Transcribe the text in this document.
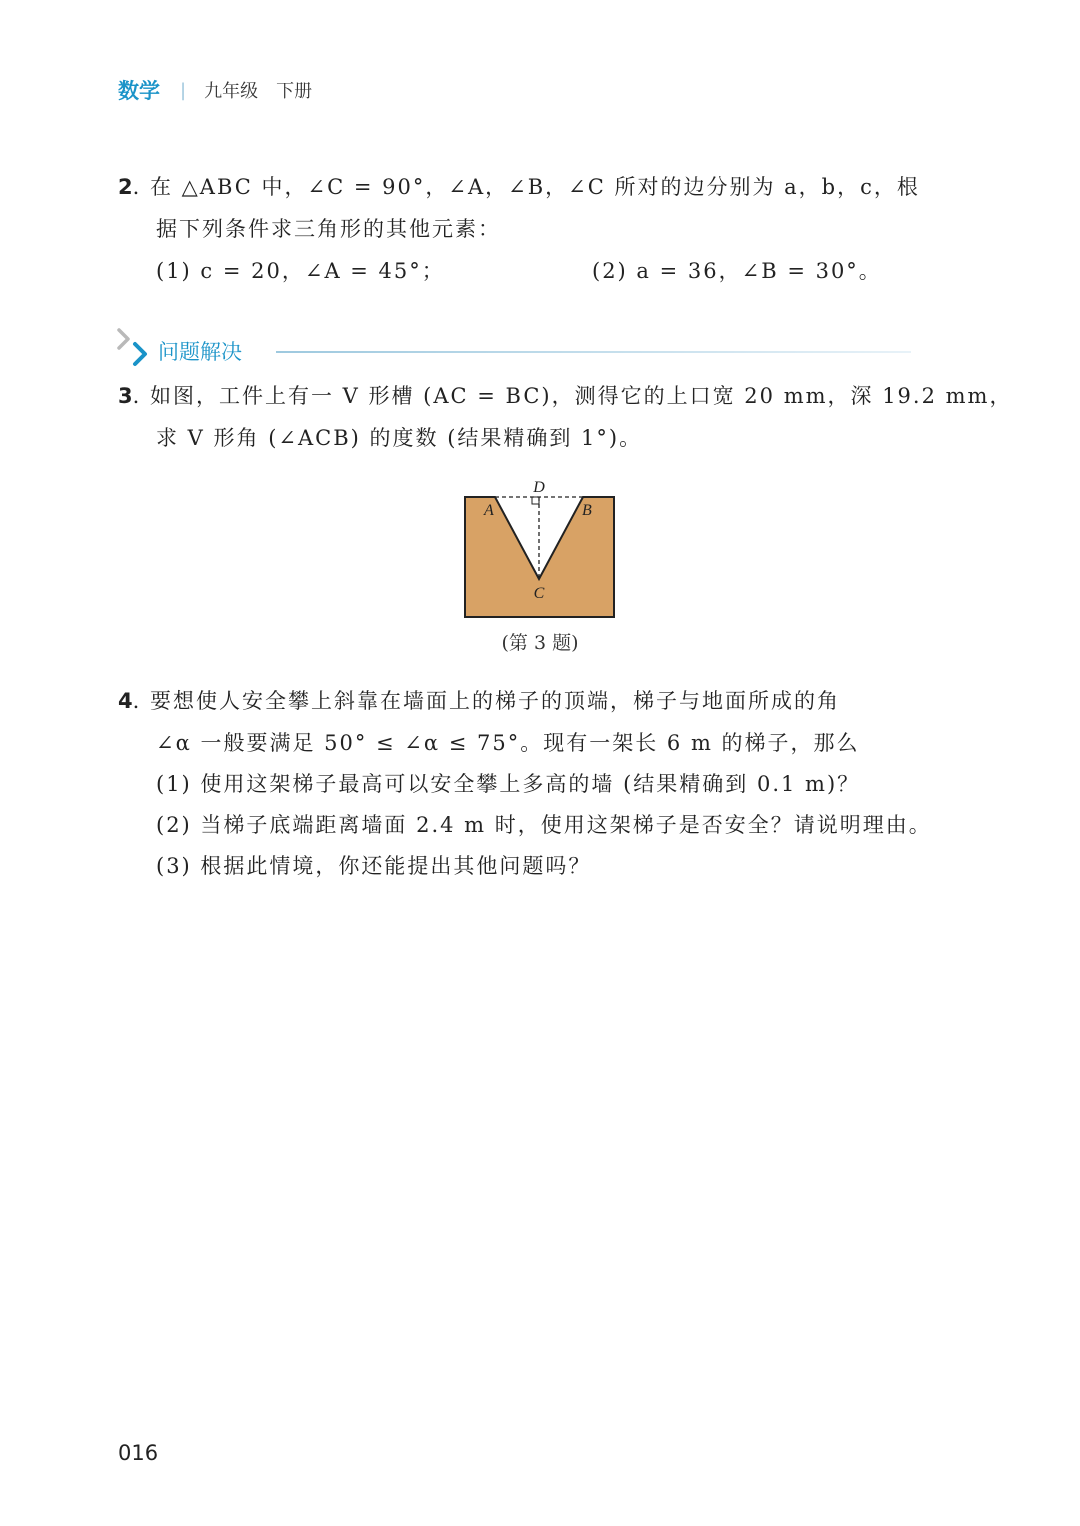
数学 | 九年级 下册
2. 在 △ABC 中，∠C = 90°，∠A，∠B，∠C 所对的边分别为 a，b，c，根
据下列条件求三角形的其他元素：
(1) c = 20，∠A = 45°；	(2) a = 36，∠B = 30°。
问题解决
3. 如图，工件上有一 V 形槽 (AC = BC)，测得它的上口宽 20 mm，深 19.2 mm，
求 V 形角 (∠ACB) 的度数 (结果精确到 1°)。
D
A	B
C
(第 3 题)
4. 要想使人安全攀上斜靠在墙面上的梯子的顶端，梯子与地面所成的角
∠α 一般要满足 50° ≤ ∠α ≤ 75°。现有一架长 6 m 的梯子，那么
(1) 使用这架梯子最高可以安全攀上多高的墙 (结果精确到 0.1 m)？
(2) 当梯子底端距离墙面 2.4 m 时，使用这架梯子是否安全？请说明理由。
(3) 根据此情境，你还能提出其他问题吗？
016
